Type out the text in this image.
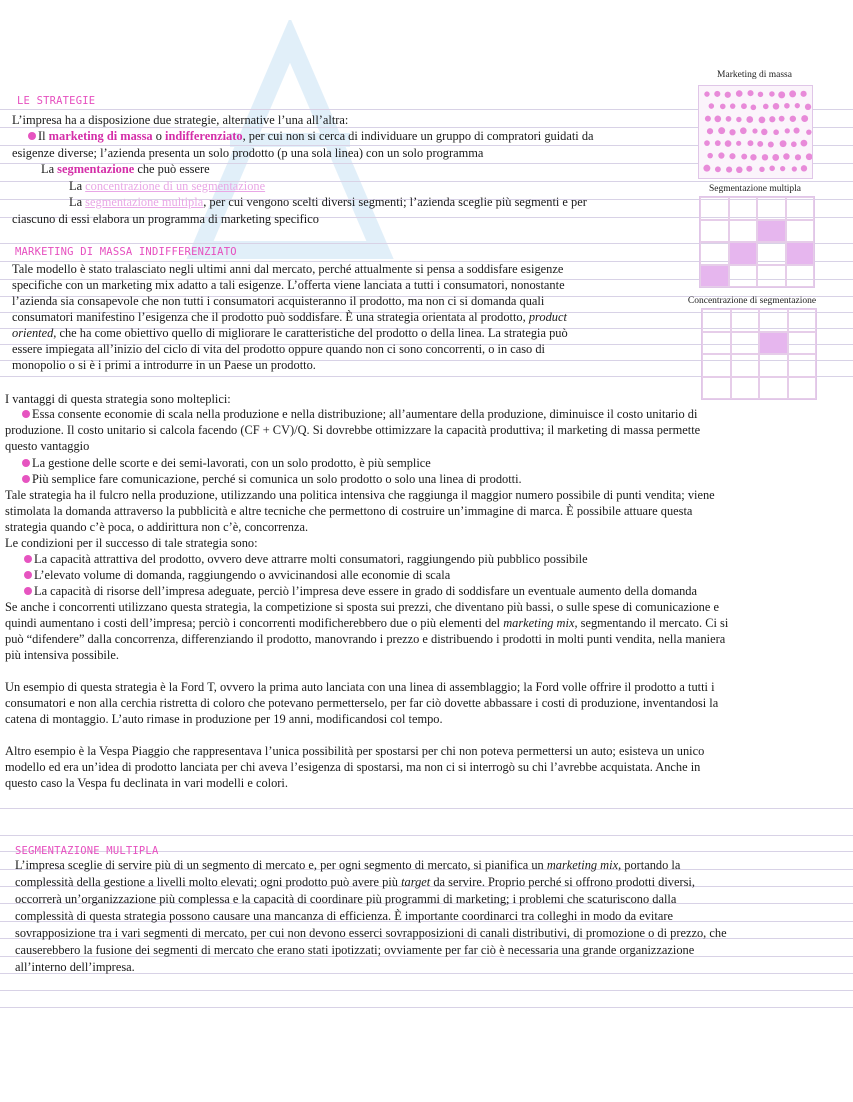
Marketing di massa
Segmentazione multipla
Concentrazione di segmentazione
LE STRATEGIE

L’impresa ha a disposizione due strategie, alternative l’una all’altra:

Il marketing di massa o indifferenziato, per cui non si cerca di individuare un gruppo di compratori guidati da

esigenze diverse; l’azienda presenta un solo prodotto (p una sola linea) con un solo programma

La segmentazione che può essere

La concentrazione di un segmentazione

La segmentazione multipla, per cui vengono scelti diversi segmenti; l’azienda sceglie più segmenti e per

ciascuno di essi elabora un programma di marketing specifico

MARKETING DI MASSA INDIFFERENZIATO

Tale modello è stato tralasciato negli ultimi anni dal mercato, perché attualmente si pensa a soddisfare esigenze

specifiche con un marketing mix adatto a tali esigenze. L’offerta viene lanciata a tutti i consumatori, nonostante

l’azienda sia consapevole che non tutti i consumatori acquisteranno il prodotto, ma non ci si domanda quali

consumatori manifestino l’esigenza che il prodotto può soddisfare. È una strategia orientata al prodotto, product

oriented, che ha come obiettivo quello di migliorare le caratteristiche del prodotto o della linea. La strategia può

essere impiegata all’inizio del ciclo di vita del prodotto oppure quando non ci sono concorrenti, o in caso di

monopolio o si è i primi a introdurre in un Paese un prodotto.

I vantaggi di questa strategia sono molteplici:

Essa consente economie di scala nella produzione e nella distribuzione; all’aumentare della produzione, diminuisce il costo unitario di

produzione. Il costo unitario si calcola facendo (CF + CV)/Q. Si dovrebbe ottimizzare la capacità produttiva; il marketing di massa permette

questo vantaggio

La gestione delle scorte e dei semi-lavorati, con un solo prodotto, è più semplice

Più semplice fare comunicazione, perché si comunica un solo prodotto o solo una linea di prodotti.

Tale strategia ha il fulcro nella produzione, utilizzando una politica intensiva che raggiunga il maggior numero possibile di punti vendita; viene

stimolata la domanda attraverso la pubblicità e altre tecniche che permettono di costruire un’immagine di marca. È possibile attuare questa

strategia quando c’è poca, o addirittura non c’è, concorrenza.

Le condizioni per il successo di tale strategia sono:

La capacità attrattiva del prodotto, ovvero deve attrarre molti consumatori, raggiungendo più pubblico possibile

L’elevato volume di domanda, raggiungendo o avvicinandosi alle economie di scala

La capacità di risorse dell’impresa adeguate, perciò l’impresa deve essere in grado di soddisfare un eventuale aumento della domanda

Se anche i concorrenti utilizzano questa strategia, la competizione si sposta sui prezzi, che diventano più bassi, o sulle spese di comunicazione e

quindi aumentano i costi dell’impresa; perciò i concorrenti modificherebbero due o più elementi del marketing mix, segmentando il mercato. Ci si

può “difendere” dalla concorrenza, differenziando il prodotto, manovrando i prezzo e distribuendo i prodotti in molti punti vendita, nella maniera

più intensiva possibile.

Un esempio di questa strategia è la Ford T, ovvero la prima auto lanciata con una linea di assemblaggio; la Ford volle offrire il prodotto a tutti i

consumatori e non alla cerchia ristretta di coloro che potevano permetterselo, per far ciò dovette abbassare i costi di produzione, inventandosi la

catena di montaggio. L’auto rimase in produzione per 19 anni, modificandosi col tempo.

Altro esempio è la Vespa Piaggio che rappresentava l’unica possibilità per spostarsi per chi non poteva permettersi un auto; esisteva un unico

modello ed era un’idea di prodotto lanciata per chi aveva l’esigenza di spostarsi, ma non ci si interrogò su chi l’avrebbe acquistata. Anche in

questo caso la Vespa fu declinata in vari modelli e colori.

SEGMENTAZIONE MULTIPLA

L’impresa sceglie di servire più di un segmento di mercato e, per ogni segmento di mercato, si pianifica un marketing mix, portando la

complessità della gestione a livelli molto elevati; ogni prodotto può avere più target da servire. Proprio perché si offrono prodotti diversi,

occorrerà un’organizzazione più complessa e la capacità di coordinare più programmi di marketing; i problemi che scaturiscono dalla

complessità di questa strategia possono causare una mancanza di efficienza. È importante coordinarci tra colleghi in modo da evitare

sovrapposizione tra i vari segmenti di mercato, per cui non devono esserci sovrapposizioni di canali distributivi, di promozione o di prezzo, che

causerebbero la fusione dei segmenti di mercato che erano stati ipotizzati; ovviamente per far ciò è necessaria una grande organizzazione

all’interno dell’impresa.
